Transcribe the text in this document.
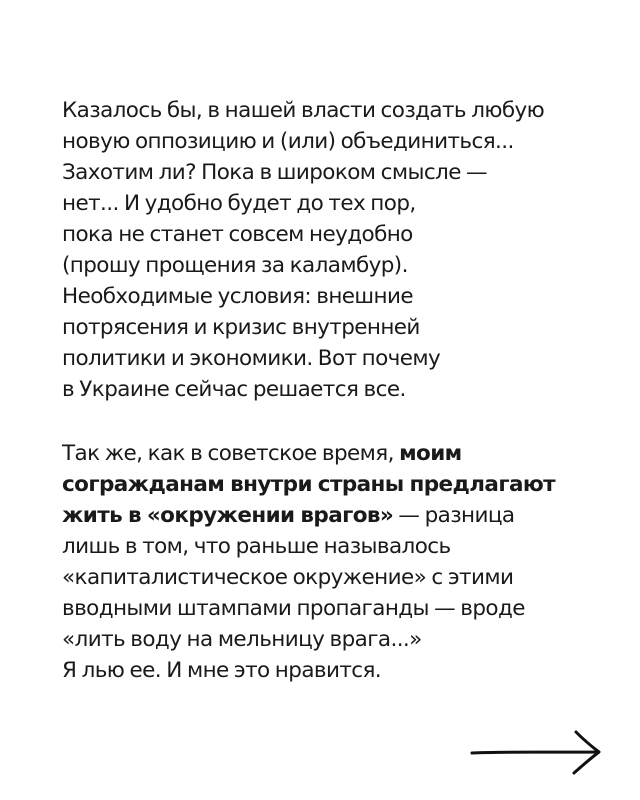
Казалось бы, в нашей власти создать любую
новую оппозицию и (или) объединиться...
Захотим ли? Пока в широком смысле —
нет... И удобно будет до тех пор,
пока не станет совсем неудобно
(прошу прощения за каламбур).
Необходимые условия: внешние
потрясения и кризис внутренней
политики и экономики. Вот почему
в Украине сейчас решается все.
Так же, как в советское время, моим
согражданам внутри страны предлагают
жить в «окружении врагов» — разница
лишь в том, что раньше называлось
«капиталистическое окружение» с этими
вводными штампами пропаганды — вроде
«лить воду на мельницу врага...»
Я лью ее. И мне это нравится.
